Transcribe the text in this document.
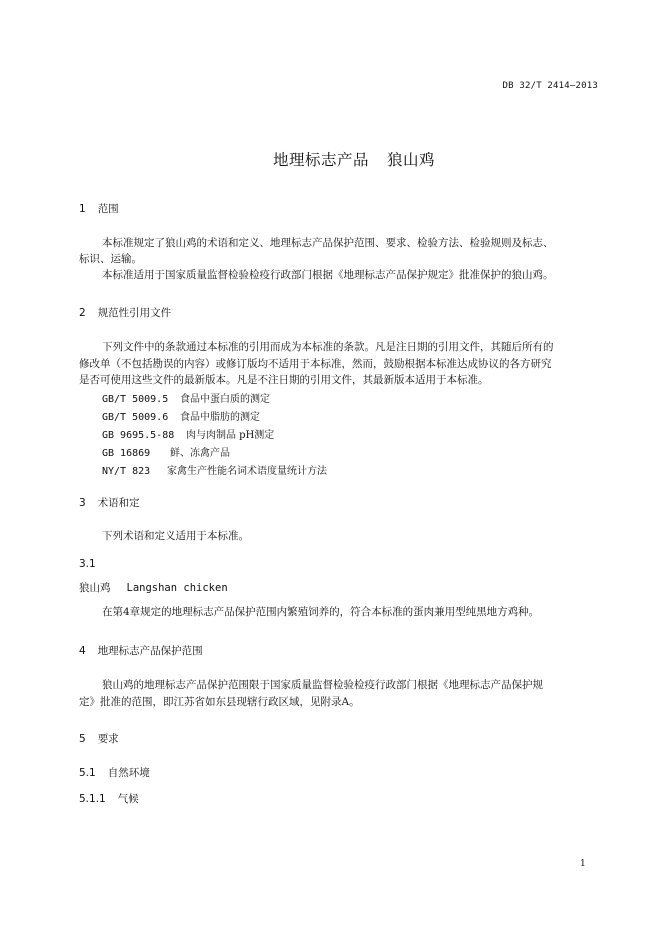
DB 32/T 2414—2013
地理标志产品 狼山鸡
1 范围
本标准规定了狼山鸡的术语和定义、地理标志产品保护范围、要求、检验方法、检验规则及标志、
标识、运输。
本标准适用于国家质量监督检验检疫行政部门根据《地理标志产品保护规定》批准保护的狼山鸡。
2 规范性引用文件
下列文件中的条款通过本标准的引用而成为本标准的条款。凡是注日期的引用文件，其随后所有的
修改单（不包括勘误的内容）或修订版均不适用于本标准，然而，鼓励根据本标准达成协议的各方研究
是否可使用这些文件的最新版本。凡是不注日期的引用文件，其最新版本适用于本标准。
GB/T 5009.5 食品中蛋白质的测定
GB/T 5009.6 食品中脂肪的测定
GB 9695.5-88 肉与肉制品 pH测定
GB 16869 鲜、冻禽产品
NY/T 823 家禽生产性能名词术语度量统计方法
3 术语和定
下列术语和定义适用于本标准。
3.1
狼山鸡 Langshan chicken
在第4章规定的地理标志产品保护范围内繁殖饲养的，符合本标准的蛋肉兼用型纯黑地方鸡种。
4 地理标志产品保护范围
狼山鸡的地理标志产品保护范围限于国家质量监督检验检疫行政部门根据《地理标志产品保护规
定》批准的范围，即江苏省如东县现辖行政区域，见附录A。
5 要求
5.1 自然环境
5.1.1 气候
1
